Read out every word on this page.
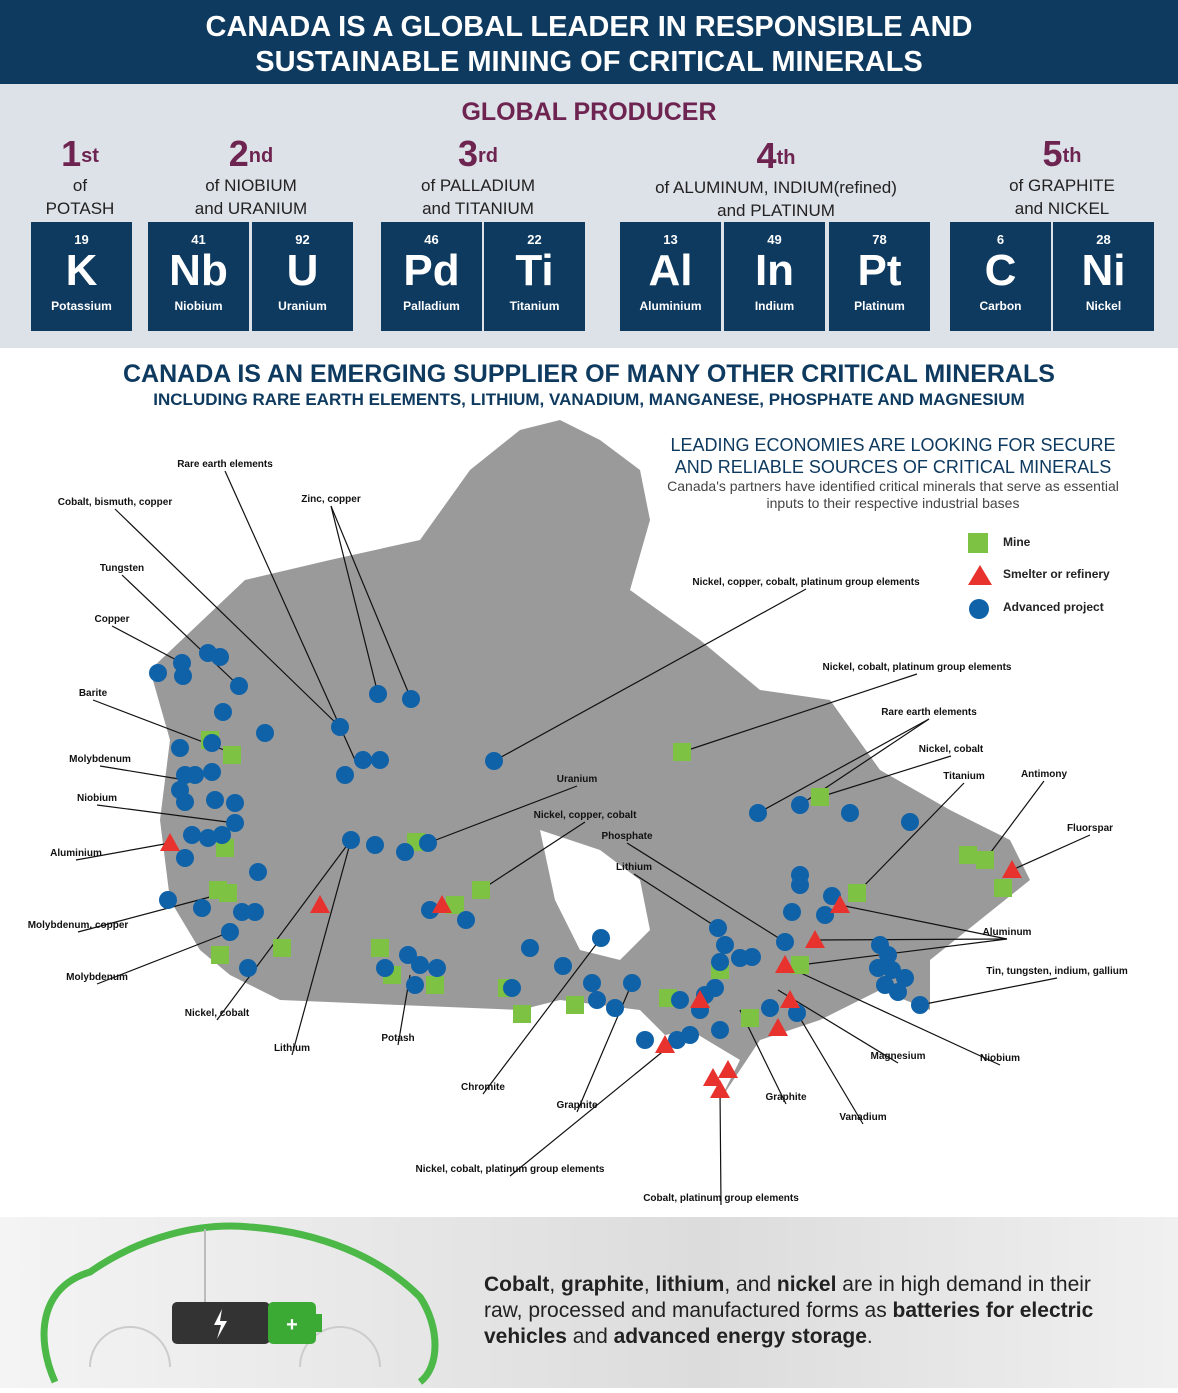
CANADA IS A GLOBAL LEADER IN RESPONSIBLE AND
SUSTAINABLE MINING OF CRITICAL MINERALS
GLOBAL PRODUCER
1st
of
POTASH
2nd
of NIOBIUM
and URANIUM
3rd
of PALLADIUM
and TITANIUM
4th
of ALUMINUM, INDIUM(refined)
and PLATINUM
5th
of GRAPHITE
and NICKEL
19
K
Potassium
41
Nb
Niobium
92
U
Uranium
46
Pd
Palladium
22
Ti
Titanium
13
Al
Aluminium
49
In
Indium
78
Pt
Platinum
6
C
Carbon
28
Ni
Nickel
CANADA IS AN EMERGING SUPPLIER OF MANY OTHER CRITICAL MINERALS
INCLUDING RARE EARTH ELEMENTS, LITHIUM, VANADIUM, MANGANESE, PHOSPHATE AND MAGNESIUM
LEADING ECONOMIES ARE LOOKING FOR SECURE AND RELIABLE SOURCES OF CRITICAL MINERALS
Canada's partners have identified critical minerals that serve as essential inputs to their respective industrial bases
Mine
Smelter or refinery
Advanced project
Rare earth elements
Cobalt, bismuth, copper	Zinc, copper
Tungsten
Copper
Barite
Molybdenum
Niobium
Aluminium
Molybdenum, copper
Molybdenum
Nickel, cobalt
Lithium
Potash
Chromite
Graphite
Nickel, cobalt, platinum group elements
Cobalt, platinum group elements
Graphite
Vanadium
Magnesium	Niobium
Tin, tungsten, indium, gallium
Aluminum
Fluorspar
Antimony
Titanium
Nickel, cobalt
Rare earth elements
Nickel, cobalt, platinum group elements
Nickel, copper, cobalt, platinum group elements
Uranium
Nickel, copper, cobalt
Phosphate
Lithium
+
Cobalt, graphite, lithium, and nickel are in high demand in their raw, processed and manufactured forms as batteries for electric vehicles and advanced energy storage.
